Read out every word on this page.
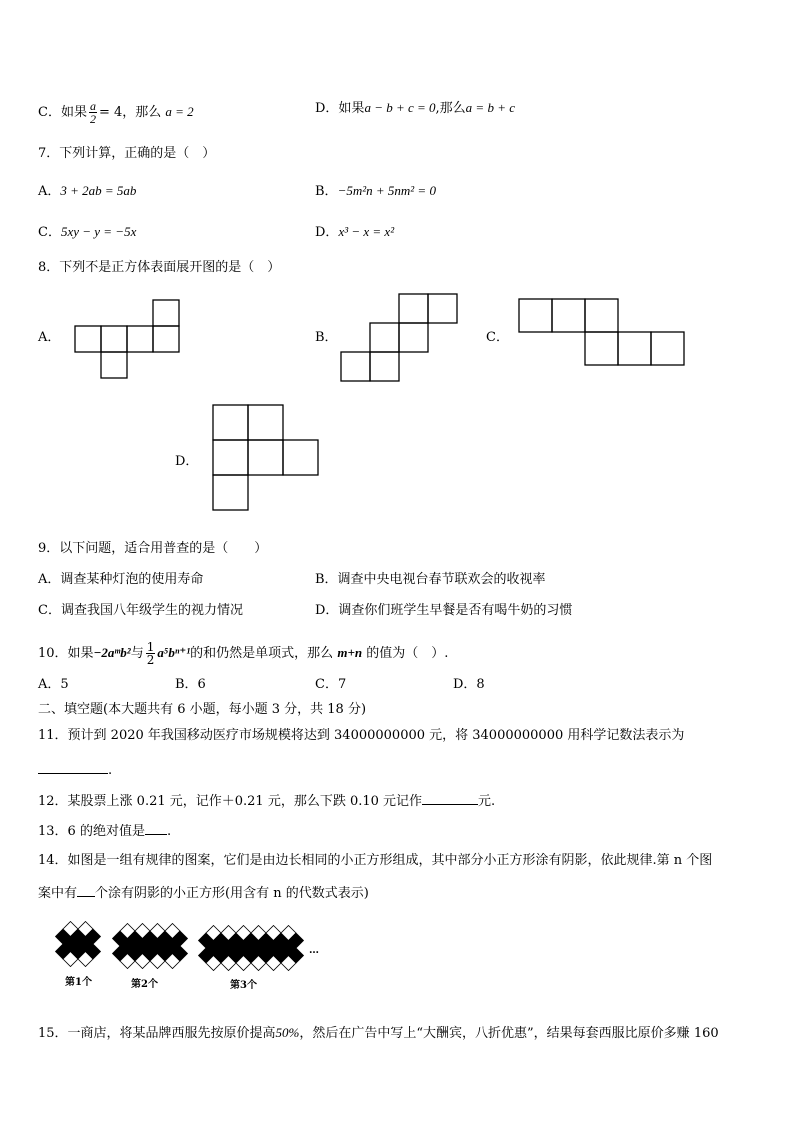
C．如果 $\frac{a}{2} = 4$，那么 a = 2	D．如果a − b + c = 0,那么a = b + c
7．下列计算，正确的是（　）
A．3 + 2ab = 5ab	B．−5m²n + 5nm² = 0
C．5xy − y = −5x	D．x³ − x = x²
8．下列不是正方体表面展开图的是（　）
A．	B．	C．
D．
9．以下问题，适合用普查的是（　　）
A．调查某种灯泡的使用寿命	B．调查中央电视台春节联欢会的收视率
C．调查我国八年级学生的视力情况	D．调查你们班学生早餐是否有喝牛奶的习惯
10．如果−2aᵐb²与 $\frac{1}{2} a^5b^{n+1}$的和仍然是单项式，那么 m+n 的值为（　）.
A．5	B．6	C．7	D．8
二、填空题(本大题共有 6 小题，每小题 3 分，共 18 分)
11．预计到 2020 年我国移动医疗市场规模将达到 34000000000 元，将 34000000000 用科学记数法表示为
.
12．某股票上涨 0.21 元，记作＋0.21 元，那么下跌 0.10 元记作	元.
13．6 的绝对值是 .
14．如图是一组有规律的图案，它们是由边长相同的小正方形组成，其中部分小正方形涂有阴影，依此规律.第 n 个图
案中有 个涂有阴影的小正方形(用含有 n 的代数式表示)
第1个	第2个	第3个
…
15．一商店，将某品牌西服先按原价提高50%，然后在广告中写上“大酬宾，八折优惠”，结果每套西服比原价多赚 160
